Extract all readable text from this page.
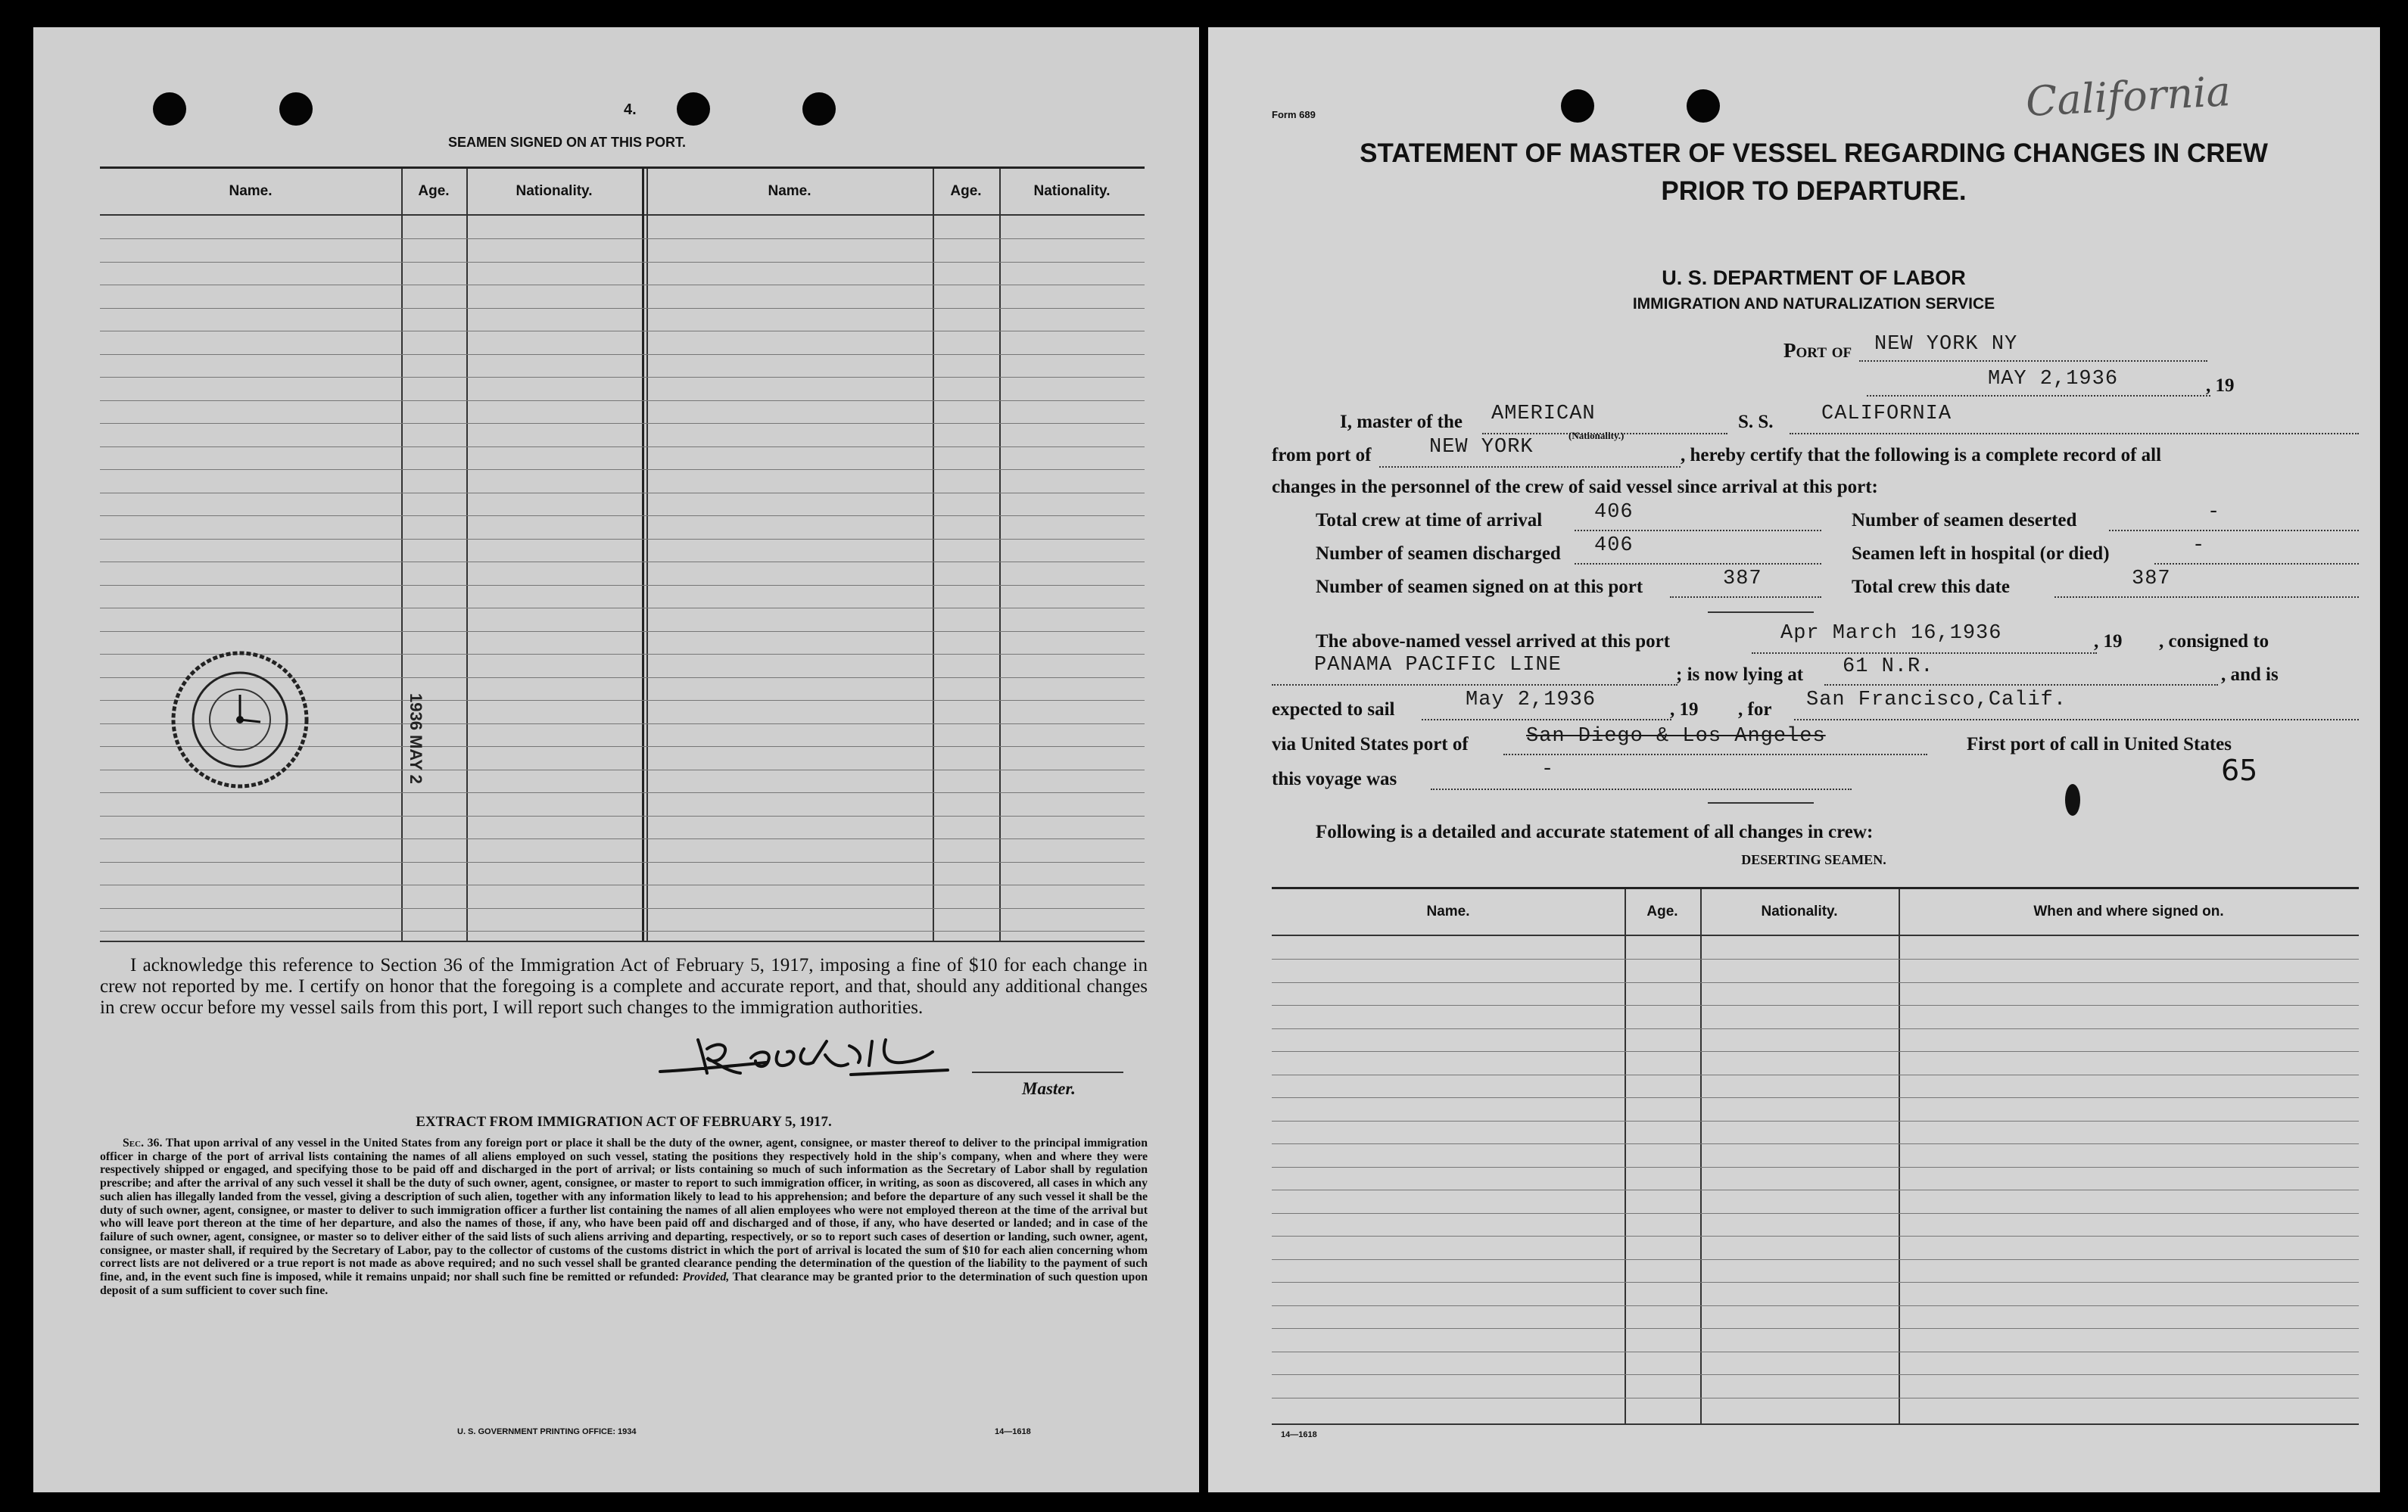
4.
SEAMEN SIGNED ON AT THIS PORT.
Name.	Age.	Nationality.	Name.	Age.	Nationality.
1936 MAY 2
I acknowledge this reference to Section 36 of the Immigration Act of February 5, 1917, imposing a fine of $10 for each change in crew not reported by me. I certify on honor that the foregoing is a complete and accurate report, and that, should any additional changes in crew occur before my vessel sails from this port, I will report such changes to the immigration authorities.
Master.
EXTRACT FROM IMMIGRATION ACT OF FEBRUARY 5, 1917.
Sec. 36. That upon arrival of any vessel in the United States from any foreign port or place it shall be the duty of the owner, agent, consignee, or master thereof to deliver to the principal immigration officer in charge of the port of arrival lists containing the names of all aliens employed on such vessel, stating the positions they respectively hold in the ship's company, when and where they were respectively shipped or engaged, and specifying those to be paid off and discharged in the port of arrival; or lists containing so much of such information as the Secretary of Labor shall by regulation prescribe; and after the arrival of any such vessel it shall be the duty of such owner, agent, consignee, or master to report to such immigration officer, in writing, as soon as discovered, all cases in which any such alien has illegally landed from the vessel, giving a description of such alien, together with any information likely to lead to his apprehension; and before the departure of any such vessel it shall be the duty of such owner, agent, consignee, or master to deliver to such immigration officer a further list containing the names of all alien employees who were not employed thereon at the time of the arrival but who will leave port thereon at the time of her departure, and also the names of those, if any, who have been paid off and discharged and of those, if any, who have deserted or landed; and in case of the failure of such owner, agent, consignee, or master so to deliver either of the said lists of such aliens arriving and departing, respectively, or so to report such cases of desertion or landing, such owner, agent, consignee, or master shall, if required by the Secretary of Labor, pay to the collector of customs of the customs district in which the port of arrival is located the sum of $10 for each alien concerning whom correct lists are not delivered or a true report is not made as above required; and no such vessel shall be granted clearance pending the determination of the question of the liability to the payment of such fine, and, in the event such fine is imposed, while it remains unpaid; nor shall such fine be remitted or refunded: Provided, That clearance may be granted prior to the determination of such question upon deposit of a sum sufficient to cover such fine.
U. S. GOVERNMENT PRINTING OFFICE: 1934	14—1618
Form 689	California
STATEMENT OF MASTER OF VESSEL REGARDING CHANGES IN CREW
PRIOR TO DEPARTURE.
U. S. DEPARTMENT OF LABOR
IMMIGRATION AND NATURALIZATION SERVICE
Port of NEW YORK NY
MAY 2,1936	, 19
I, master of the AMERICAN
(Nationality.)
S. S. CALIFORNIA
from port of	NEW YORK	, hereby certify that the following is a complete record of all
changes in the personnel of the crew of said vessel since arrival at this port:
Total crew at time of arrival	406	Number of seamen deserted	-
Number of seamen discharged 406	Seamen left in hospital (or died)	-
Number of seamen signed on at this port	387	Total crew this date	387
The above-named vessel arrived at this port	Apr March 16,1936	, 19 , consigned to
PANAMA PACIFIC LINE	; is now lying at 61 N.R.	, and is
expected to sail	May 2,1936	, 19 , for San Francisco,Calif.
via United States port of	San Diego & Los Angeles	First port of call in United States
this voyage was	-	65
Following is a detailed and accurate statement of all changes in crew:
DESERTING SEAMEN.
Name.	Age.	Nationality.	When and where signed on.
14—1618
